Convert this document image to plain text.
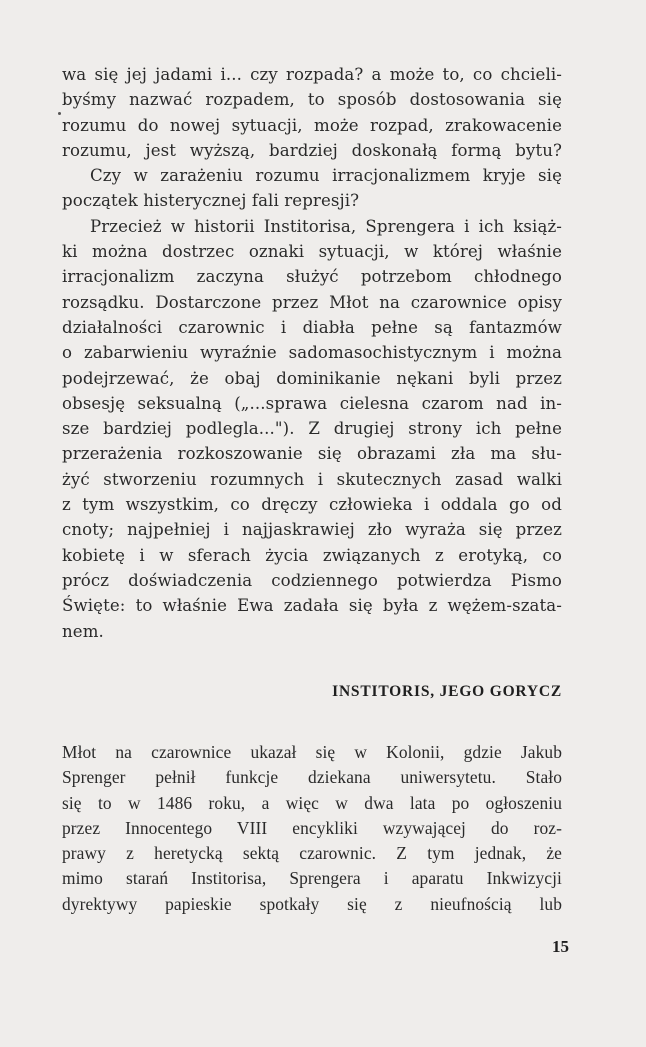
wa się jej jadami i... czy rozpada? a może to, co chcieli-
byśmy nazwać rozpadem, to sposób dostosowania się
rozumu do nowej sytuacji, może rozpad, zrakowacenie
rozumu, jest wyższą, bardziej doskonałą formą bytu?
Czy w zarażeniu rozumu irracjonalizmem kryje się
początek histerycznej fali represji?
Przecież w historii Institorisa, Sprengera i ich książ-
ki można dostrzec oznaki sytuacji, w której właśnie
irracjonalizm zaczyna służyć potrzebom chłodnego
rozsądku. Dostarczone przez Młot na czarownice opisy
działalności czarownic i diabła pełne są fantazmów
o zabarwieniu wyraźnie sadomasochistycznym i można
podejrzewać, że obaj dominikanie nękani byli przez
obsesję seksualną („...sprawa cielesna czarom nad in-
sze bardziej podlegla..."). Z drugiej strony ich pełne
przerażenia rozkoszowanie się obrazami zła ma słu-
żyć stworzeniu rozumnych i skutecznych zasad walki
z tym wszystkim, co dręczy człowieka i oddala go od
cnoty; najpełniej i najjaskrawiej zło wyraża się przez
kobietę i w sferach życia związanych z erotyką, co
prócz doświadczenia codziennego potwierdza Pismo
Święte: to właśnie Ewa zadała się była z wężem-szata-
nem.
INSTITORIS, JEGO GORYCZ
Młot na czarownice ukazał się w Kolonii, gdzie Jakub
Sprenger pełnił funkcje dziekana uniwersytetu. Stało
się to w 1486 roku, a więc w dwa lata po ogłoszeniu
przez Innocentego VIII encykliki wzywającej do roz-
prawy z heretycką sektą czarownic. Z tym jednak, że
mimo starań Institorisa, Sprengera i aparatu Inkwizycji
dyrektywy papieskie spotkały się z nieufnością lub
15
